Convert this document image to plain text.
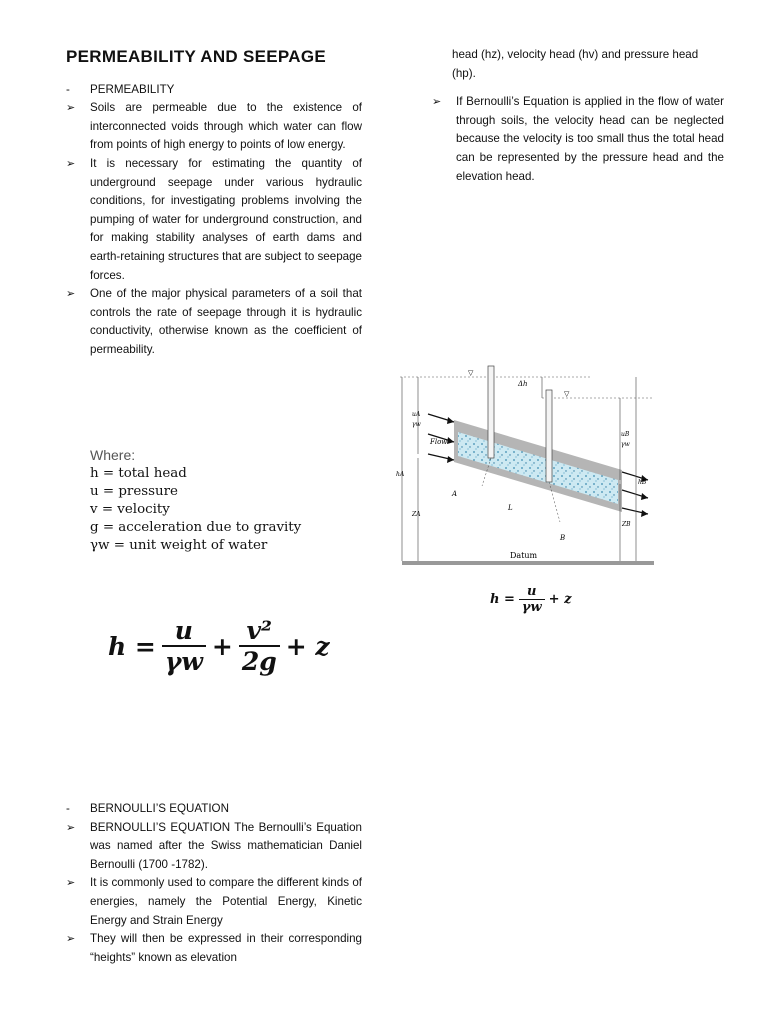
PERMEABILITY AND SEEPAGE
-	PERMEABILITY
➢ Soils are permeable due to the existence of interconnected voids through which water can flow from points of high energy to points of low energy.
➢ It is necessary for estimating the quantity of underground seepage under various hydraulic conditions, for investigating problems involving the pumping of water for underground construction, and for making stability analyses of earth dams and earth-retaining structures that are subject to seepage forces.
➢ One of the major physical parameters of a soil that controls the rate of seepage through it is hydraulic conductivity, otherwise known as the coefficient of permeability.
Where:
h = total head
u = pressure
v = velocity
g = acceleration due to gravity
γw = unit weight of water
$h = \frac{u}{\gamma w} + \frac{\text{v²}}{2g} + z$
-	BERNOULLI’S EQUATION
➢ BERNOULLI’S EQUATION The Bernoulli’s Equation was named after the Swiss mathematician Daniel Bernoulli (1700 -1782).
➢ It is commonly used to compare the different kinds of energies, namely the Potential Energy, Kinetic Energy and Strain Energy
➢ They will then be expressed in their corresponding “heights” known as elevation
head (hz), velocity head (hv) and pressure head (hp).
➢ If Bernoulli’s Equation is applied in the flow of water through soils, the velocity head can be neglected because the velocity is too small thus the total head can be represented by the pressure head and the elevation head.
Datum
▽
▽
Δh
Flow
uA
γw
uB
γw
hA
hB
ZA
ZB
A
B
L
$h = \frac{u}{\gamma w} + z$
